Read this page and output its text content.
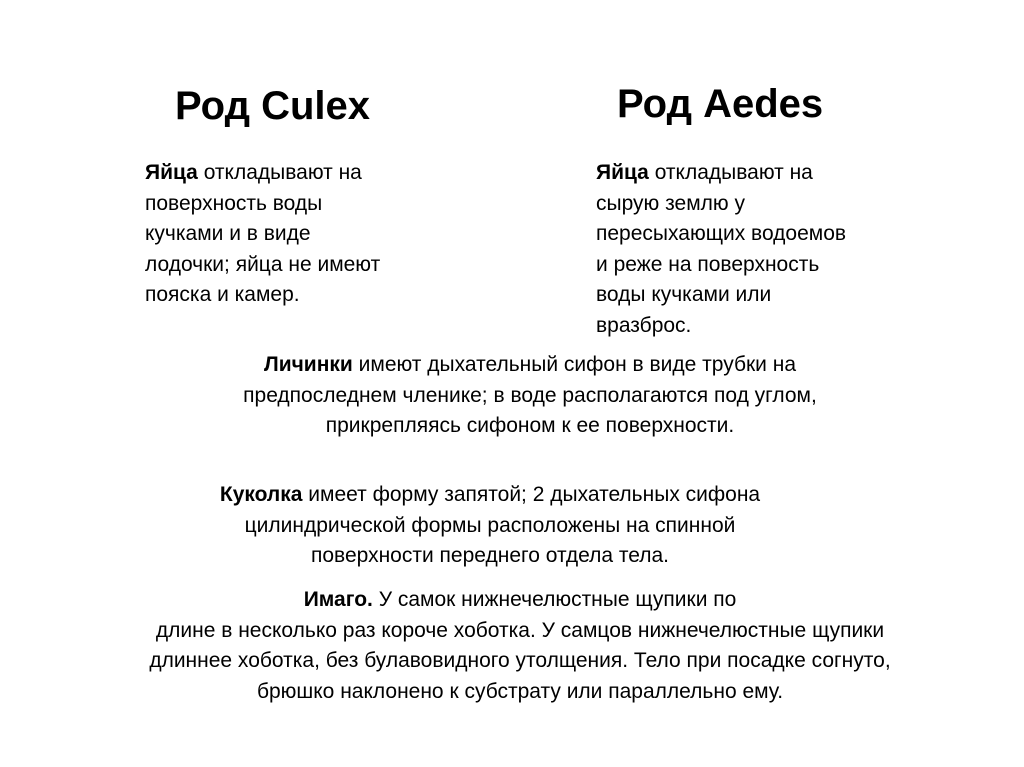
Род Culex	Род Aedes
Яйца откладывают на
поверхность воды
кучками и в виде
лодочки; яйца не имеют
пояска и камер.
Яйца откладывают на
сырую землю у
пересыхающих водоемов
и реже на поверхность
воды кучками или
вразброс.
Личинки имеют дыхательный сифон в виде трубки на
предпоследнем членике; в воде располагаются под углом,
прикрепляясь сифоном к ее поверхности.
Куколка имеет форму запятой; 2 дыхательных сифона
цилиндрической формы расположены на спинной
поверхности переднего отдела тела.
Имаго. У самок нижнечелюстные щупики по
длине в несколько раз короче хоботка. У самцов нижнечелюстные щупики
длиннее хоботка, без булавовидного утолщения. Тело при посадке согнуто,
брюшко наклонено к субстрату или параллельно ему.
